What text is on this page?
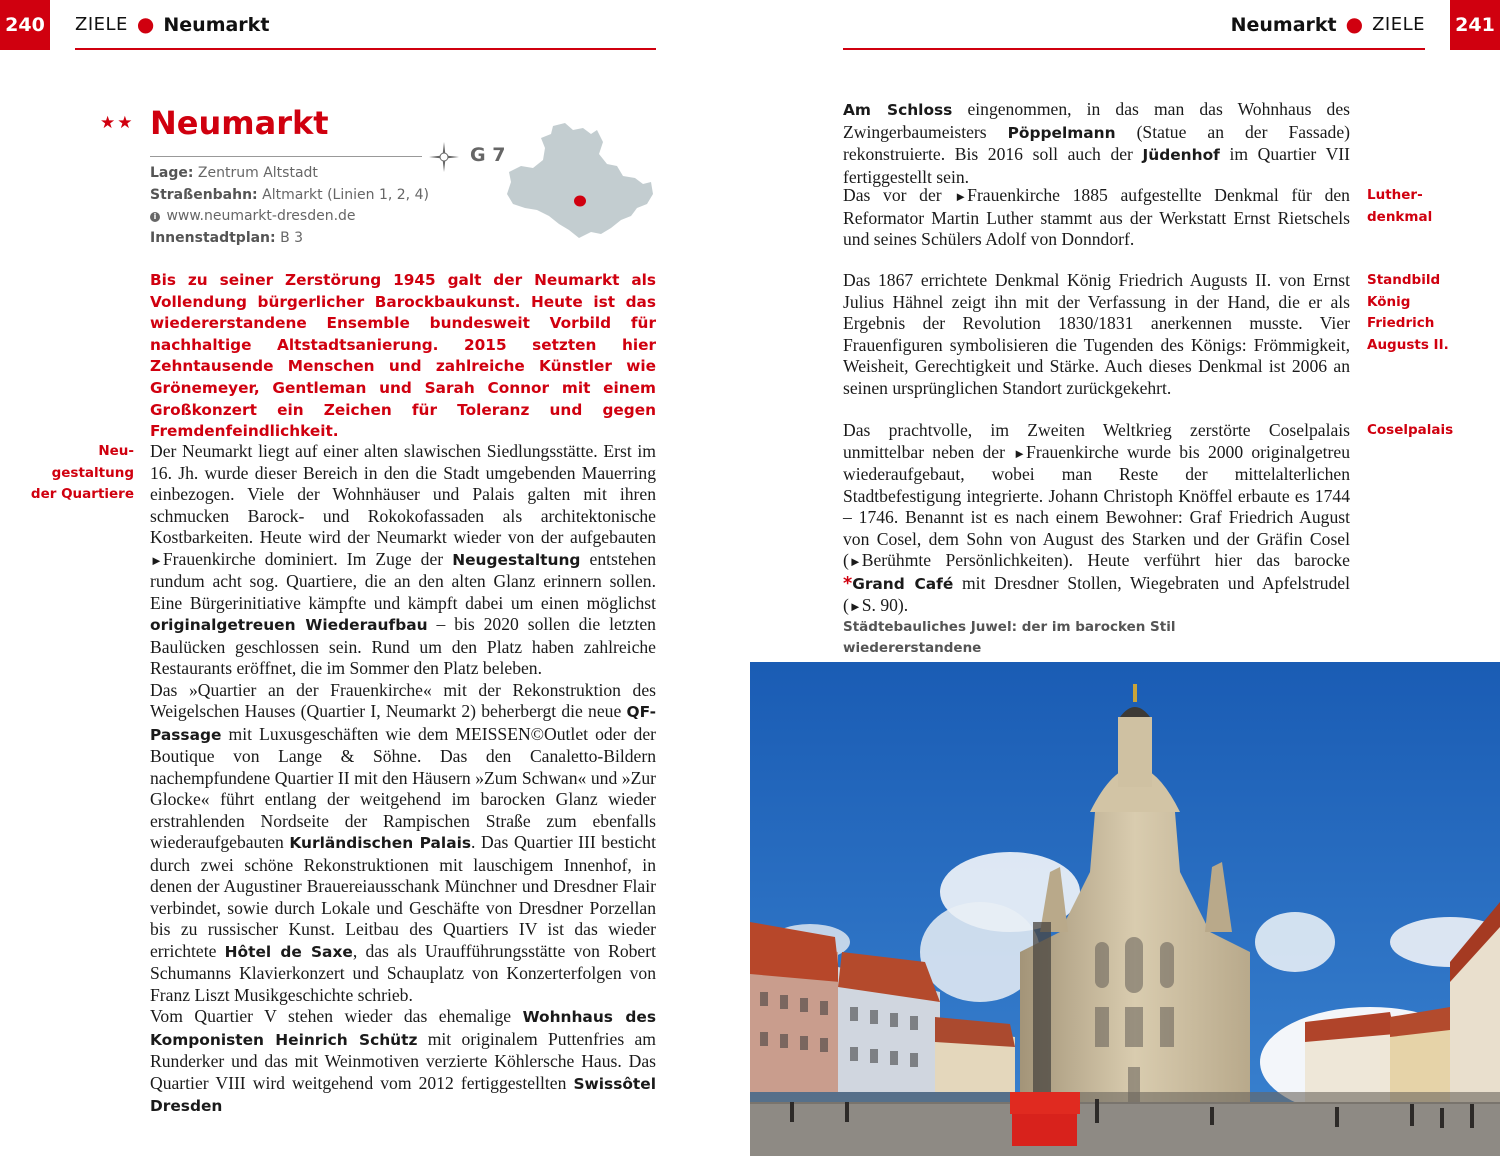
240 ZIELE ● Neumarkt
★★ Neumarkt
G 7
Lage: Zentrum Altstadt
Straßenbahn: Altmarkt (Linien 1, 2, 4)
i www.neumarkt-dresden.de
Innenstadtplan: B 3

Bis zu seiner Zerstörung 1945 galt der Neumarkt als Vollendung bürgerlicher Barockbaukunst. Heute ist das wiedererstandene Ensemble bundesweit Vorbild für nachhaltige Altstadtsanierung. 2015 setzten hier Zehntausende Menschen und zahlreiche Künstler wie Grönemeyer, Gentleman und Sarah Connor mit einem Großkonzert ein Zeichen für Toleranz und gegen Fremdenfeindlichkeit.

Neu-
gestaltung
der Quartiere

Der Neumarkt liegt auf einer alten slawischen Siedlungsstätte. Erst im 16. Jh. wurde dieser Bereich in den die Stadt umgebenden Mauerring einbezogen. Viele der Wohnhäuser und Palais galten mit ihren schmucken Barock- und Rokokofassaden als architektonische Kostbarkeiten. Heute wird der Neumarkt wieder von der aufgebauten ►Frauenkirche dominiert. Im Zuge der Neugestaltung entstehen rundum acht sog. Quartiere, die an den alten Glanz erinnern sollen. Eine Bürgerinitiative kämpfte und kämpft dabei um einen möglichst originalgetreuen Wiederaufbau – bis 2020 sollen die letzten Baulücken geschlossen sein. Rund um den Platz haben zahlreiche Restaurants eröffnet, die im Sommer den Platz beleben.

Das »Quartier an der Frauenkirche« mit der Rekonstruktion des Weigelschen Hauses (Quartier I, Neumarkt 2) beherbergt die neue QF-Passage mit Luxusgeschäften wie dem MEISSEN©Outlet oder der Boutique von Lange & Söhne. Das den Canaletto-Bildern nachempfundene Quartier II mit den Häusern »Zum Schwan« und »Zur Glocke« führt entlang der weitgehend im barocken Glanz wieder erstrahlenden Nordseite der Rampischen Straße zum ebenfalls wiederaufgebauten Kurländischen Palais. Das Quartier III besticht durch zwei schöne Rekonstruktionen mit lauschigem Innenhof, in denen der Augustiner Brauereiausschank Münchner und Dresdner Flair verbindet, sowie durch Lokale und Geschäfte von Dresdner Porzellan bis zu russischer Kunst. Leitbau des Quartiers IV ist das wieder errichtete Hôtel de Saxe, das als Uraufführungsstätte von Robert Schumanns Klavierkonzert und Schauplatz von Konzerterfolgen von Franz Liszt Musikgeschichte schrieb.

Vom Quartier V stehen wieder das ehemalige Wohnhaus des Komponisten Heinrich Schütz mit originalem Puttenfries am Runderker und das mit Weinmotiven verzierte Köhlersche Haus. Das Quartier VIII wird weitgehend vom 2012 fertiggestellten Swissôtel Dresden

Neumarkt ● ZIELE 241

Am Schloss eingenommen, in das man das Wohnhaus des Zwingerbaumeisters Pöppelmann (Statue an der Fassade) rekonstruierte. Bis 2016 soll auch der Jüdenhof im Quartier VII fertiggestellt sein.

Das vor der ►Frauenkirche 1885 aufgestellte Denkmal für den Reformator Martin Luther stammt aus der Werkstatt Ernst Rietschels und seines Schülers Adolf von Donndorf.

Luther-
denkmal
Das 1867 errichtete Denkmal König Friedrich Augusts II. von Ernst Julius Hähnel zeigt ihn mit der Verfassung in der Hand, die er als Ergebnis der Revolution 1830/1831 anerkennen musste. Vier Frauenfiguren symbolisieren die Tugenden des Königs: Frömmigkeit, Weisheit, Gerechtigkeit und Stärke. Auch dieses Denkmal ist 2006 an seinen ursprünglichen Standort zurückgekehrt.
Standbild
König
Friedrich
Augusts II.

Das prachtvolle, im Zweiten Weltkrieg zerstörte Coselpalais unmittelbar neben der ►Frauenkirche wurde bis 2000 originalgetreu wiederaufgebaut, wobei man Reste der mittelalterlichen Stadtbefestigung integrierte. Johann Christoph Knöffel erbaute es 1744 – 1746. Benannt ist es nach einem Bewohner: Graf Friedrich August von Cosel, dem Sohn von August des Starken und der Gräfin Cosel (►Berühmte Persönlichkeiten). Heute verführt hier das barocke *Grand Café mit Dresdner Stollen, Wiegebraten und Apfelstrudel (►S. 90).

Coselpalais
Städtebauliches Juwel: der im barocken Stil wiedererstandene
